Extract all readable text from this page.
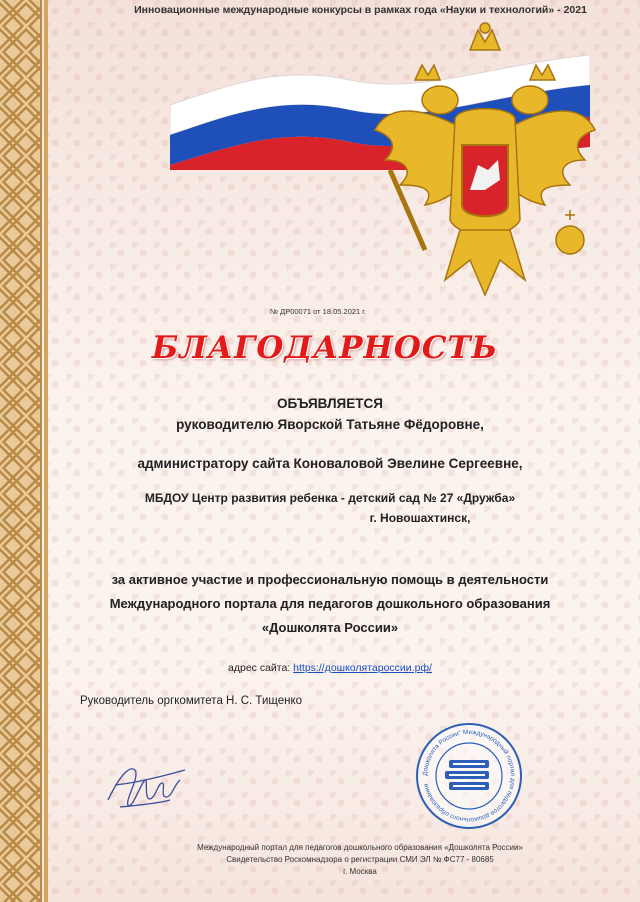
Инновационные международные конкурсы в рамках года «Науки и технологий» - 2021
№ ДР00071 от 18.05.2021 г.
БЛАГОДАРНОСТЬ
ОБЪЯВЛЯЕТСЯ
руководителю Яворской Татьяне Фёдоровне,
администратору сайта Коноваловой Эвелине Сергеевне,
МБДОУ Центр развития ребенка - детский сад № 27 «Дружба»
г. Новошахтинск,
за активное участие и профессиональную помощь в деятельности
Международного портала для педагогов дошкольного образования
«Дошколята России»
адрес сайта: https://дошколятароссии.рф/
Руководитель оргкомитета Н. С. Тищенко
Дошколята России" Международный портал для педагогов дошкольного образования
Международный портал для педагогов дошкольного образования «Дошколята России»
Свидетельство Роскомнадзора о регистрации СМИ ЭЛ № ФС77 - 80685
г. Москва
